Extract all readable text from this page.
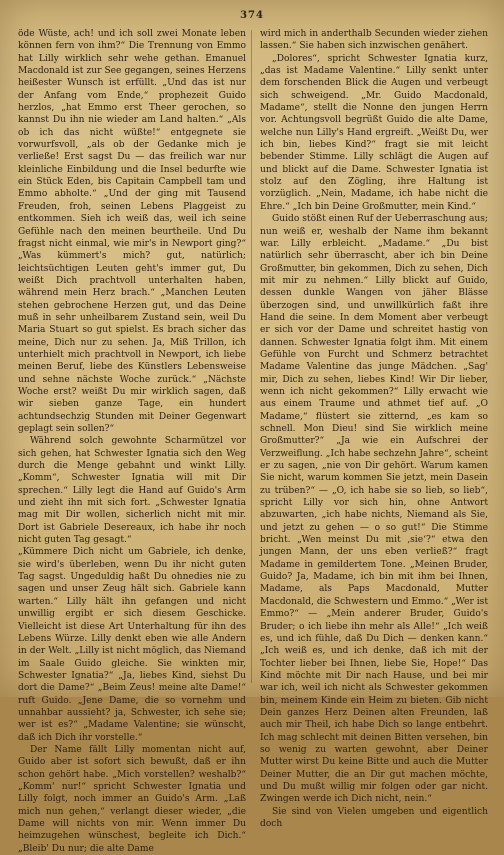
374

öde Wüste, ach! und ich soll zwei Monate leben können fern von ihm?“ Die Trennung von Emmo hat Lilly wirklich sehr wehe gethan. Emanuel Macdonald ist zur See gegangen, seines Herzens heißester Wunsch ist erfüllt. „Und das ist nur der Anfang vom Ende,“ prophezeit Guido herzlos, „hat Emmo erst Theer gerochen, so kannst Du ihn nie wieder am Land halten.“ „Als ob ich das nicht wüßte!“ entgegnete sie vorwurfsvoll, „als ob der Gedanke mich je verließe! Erst sagst Du — das freilich war nur kleinliche Einbildung und die Insel bedurfte wie ein Stück Eden, bis Capitain Campbell tam und Emmo abholte.“ „Und der ging mit Tausend Freuden, froh, seinen Lebens Plaggeist zu entkommen. Sieh ich weiß das, weil ich seine Gefühle nach den meinen beurtheile. Und Du fragst nicht einmal, wie mir's in Newport ging?“ „Was kümmert's mich? gut, natürlich; leichtsüchtigen Leuten geht's immer gut, Du weißt Dich prachtvoll unterhalten haben, während mein Herz brach.“ „Manchen Leuten stehen gebrochene Herzen gut, und das Deine muß in sehr unheilbarem Zustand sein, weil Du Maria Stuart so gut spielst. Es brach sicher das meine, Dich nur zu sehen. Ja, Miß Trillon, ich unterhielt mich prachtvoll in Newport, ich liebe meinen Beruf, liebe des Künstlers Lebensweise und sehne nächste Woche zurück.“ „Nächste Woche erst? weißt Du mir wirklich sagen, daß wir sieben ganze Tage, ein hundert achtundsechzig Stunden mit Deiner Gegenwart geplagt sein sollen?“

Während solch gewohnte Scharmützel vor sich gehen, hat Schwester Ignatia sich den Weg durch die Menge gebahnt und winkt Lilly. „Komm“, Schwester Ignatia will mit Dir sprechen.“ Lilly legt die Hand auf Guido's Arm und zieht ihn mit sich fort. „Schwester Ignatia mag mit Dir wollen, sicherlich nicht mit mir. Dort ist Gabriele Desereaux, ich habe ihr noch nicht guten Tag gesagt.“

„Kümmere Dich nicht um Gabriele, ich denke, sie wird's überleben, wenn Du ihr nicht guten Tag sagst. Ungeduldig haßt Du ohnedies nie zu sagen und unser Zeug hält sich. Gabriele kann warten.“ Lilly hält ihn gefangen und nicht unwillig ergibt er sich diesem Geschicke. Vielleicht ist diese Art Unterhaltung für ihn des Lebens Würze. Lilly denkt eben wie alle Andern in der Welt. „Lilly ist nicht möglich, das Niemand im Saale Guido gleiche. Sie winkten mir, Schwester Ignatia?“ „Ja, liebes Kind, siehst Du dort die Dame?“ „Beim Zeus! meine alte Dame!“ ruft Guido. „Jene Dame, die so vornehm und unnahbar aussieht? ja, Schwester, ich sehe sie; wer ist es?“ „Madame Valentine; sie wünscht, daß ich Dich ihr vorstelle.“

Der Name fällt Lilly momentan nicht auf, Guido aber ist sofort sich bewußt, daß er ihn schon gehört habe. „Mich vorstellen? weshalb?“ „Komm' nur!“ spricht Schwester Ignatia und Lilly folgt, noch immer an Guido's Arm. „Laß mich nun gehen,“ verlangt dieser wieder, „die Dame will nichts von mir. Wenn immer Du heimzugehen wünschest, begleite ich Dich.“ „Bleib' Du nur; die alte Dame

wird mich in anderthalb Secunden wieder ziehen lassen.“ Sie haben sich inzwischen genähert.

„Dolores“, spricht Schwester Ignatia kurz, „das ist Madame Valentine.“ Lilly senkt unter dem forschenden Blick die Augen und verbeugt sich schweigend. „Mr. Guido Macdonald, Madame“, stellt die Nonne den jungen Herrn vor. Achtungsvoll begrüßt Guido die alte Dame, welche nun Lilly's Hand ergreift. „Weißt Du, wer ich bin, liebes Kind?“ fragt sie mit leicht bebender Stimme. Lilly schlägt die Augen auf und blickt auf die Dame. Schwester Ignatia ist stolz auf den Zögling, ihre Haltung ist vorzüglich. „Nein, Madame, ich habe nicht die Ehre.“ „Ich bin Deine Großmutter, mein Kind.“

Guido stößt einen Ruf der Ueberraschung aus; nun weiß er, weshalb der Name ihm bekannt war. Lilly erbleicht. „Madame.“ „Du bist natürlich sehr überrascht, aber ich bin Deine Großmutter, bin gekommen, Dich zu sehen, Dich mit mir zu nehmen.“ Lilly blickt auf Guido, dessen dunkle Wangen von jäher Blässe überzogen sind, und unwillkürlich faßt ihre Hand die seine. In dem Moment aber verbeugt er sich vor der Dame und schreitet hastig von dannen. Schwester Ignatia folgt ihm. Mit einem Gefühle von Furcht und Schmerz betrachtet Madame Valentine das junge Mädchen. „Sag' mir, Dich zu sehen, liebes Kind! Wir Dir lieber, wenn ich nicht gekommen?“ Lilly erwacht wie aus einem Traume und athmet tief auf. „O Madame,“ flüstert sie zitternd, „es kam so schnell. Mon Dieu! sind Sie wirklich meine Großmutter?“ „Ja wie ein Aufschrei der Verzweiflung. „Ich habe sechzehn Jahre“, scheint er zu sagen, „nie von Dir gehört. Warum kamen Sie nicht, warum kommen Sie jetzt, mein Dasein zu trüben?“ — „O, ich habe sie so lieb, so lieb“, spricht Lilly vor sich hin, ohne Antwort abzuwarten, „ich habe nichts, Niemand als Sie, und jetzt zu gehen — o so gut!“ Die Stimme bricht. „Wen meinst Du mit ‚sie‘?“ etwa den jungen Mann, der uns eben verließ?“ fragt Madame in gemildertem Tone. „Meinen Bruder, Guido? Ja, Madame, ich bin mit ihm bei Ihnen, Madame, als Paps Macdonald, Mutter Macdonald, die Schwestern und Emmo.“ „Wer ist Emmo?“ — „Mein anderer Bruder, Guido's Bruder; o ich liebe ihn mehr als Alle!“ „Ich weiß es, und ich fühle, daß Du Dich — denken kann.“ „Ich weiß es, und ich denke, daß ich mit der Tochter lieber bei Ihnen, liebe Sie, Hope!“ Das Kind möchte mit Dir nach Hause, und bei mir war ich, weil ich nicht als Schwester gekommen bin, meinem Kinde ein Heim zu bieten. Gib nicht Dein ganzes Herz Deinen alten Freunden, laß auch mir Theil, ich habe Dich so lange entbehrt. Ich mag schlecht mit deinen Bitten versehen, bin so wenig zu warten gewohnt, aber Deiner Mutter wirst Du keine Bitte und auch die Mutter Deiner Mutter, die an Dir gut machen möchte, und Du mußt willig mir folgen oder gar nicht. Zwingen werde ich Dich nicht, nein.“

Sie sind von Vielen umgeben und eigentlich doch
